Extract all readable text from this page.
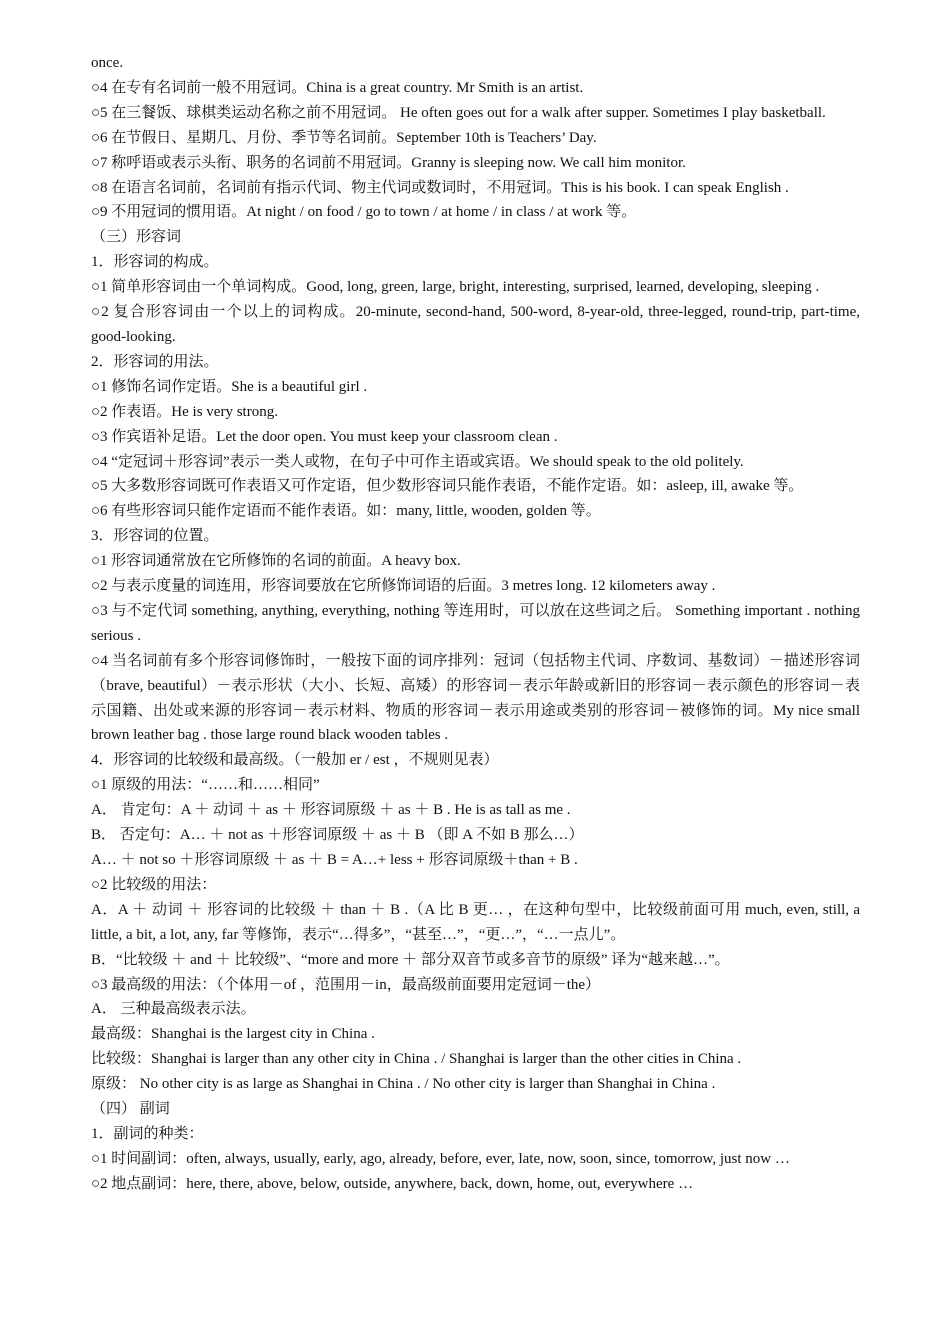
once.
○4 在专有名词前一般不用冠词。China is a great country. Mr Smith is an artist.
○5 在三餐饭、球棋类运动名称之前不用冠词。 He often goes out for a walk after supper. Sometimes I play basketball.
○6 在节假日、星期几、月份、季节等名词前。September 10th is Teachers’ Day.
○7 称呼语或表示头衔、职务的名词前不用冠词。Granny is sleeping now. We call him monitor.
○8 在语言名词前，名词前有指示代词、物主代词或数词时，不用冠词。This is his book. I can speak English .
○9 不用冠词的惯用语。At night / on food / go to town / at home / in class / at work 等。
（三）形容词
1．形容词的构成。
○1 简单形容词由一个单词构成。Good, long, green, large, bright, interesting, surprised, learned, developing, sleeping .
○2 复合形容词由一个以上的词构成。20-minute, second-hand, 500-word, 8-year-old, three-legged, round-trip, part-time, good-looking.
2．形容词的用法。
○1 修饰名词作定语。She is a beautiful girl .
○2 作表语。He is very strong.
○3 作宾语补足语。Let the door open. You must keep your classroom clean .
○4 “定冠词＋形容词”表示一类人或物，在句子中可作主语或宾语。We should speak to the old politely.
○5 大多数形容词既可作表语又可作定语，但少数形容词只能作表语，不能作定语。如：asleep, ill, awake 等。
○6 有些形容词只能作定语而不能作表语。如：many, little, wooden, golden 等。
3．形容词的位置。
○1 形容词通常放在它所修饰的名词的前面。A heavy box.
○2 与表示度量的词连用，形容词要放在它所修饰词语的后面。3 metres long. 12 kilometers away .
○3 与不定代词 something, anything, everything, nothing 等连用时，可以放在这些词之后。 Something important . nothing serious .
○4 当名词前有多个形容词修饰时，一般按下面的词序排列：冠词（包括物主代词、序数词、基数词）－描述形容词（brave, beautiful）－表示形状（大小、长短、高矮）的形容词－表示年龄或新旧的形容词－表示颜色的形容词－表示国籍、出处或来源的形容词－表示材料、物质的形容词－表示用途或类别的形容词－被修饰的词。My nice small brown leather bag . those large round black wooden tables .
4．形容词的比较级和最高级。（一般加 er / est ，不规则见表）
○1 原级的用法：“……和……相同”
A． 肯定句：A ＋ 动词 ＋ as ＋ 形容词原级 ＋ as ＋ B . He is as tall as me .
B． 否定句：A… ＋ not as ＋形容词原级 ＋ as ＋ B （即 A 不如 B 那么…）
A… ＋ not so ＋形容词原级 ＋ as ＋ B = A…+ less + 形容词原级＋than + B .
○2 比较级的用法：
A．A ＋ 动词 ＋ 形容词的比较级 ＋ than ＋ B .（A 比 B 更… ，在这种句型中，比较级前面可用 much, even, still, a little, a bit, a lot, any, far 等修饰，表示“…得多”，“甚至…”，“更…”，“…一点儿”。
B．“比较级 ＋ and ＋ 比较级”、“more and more ＋ 部分双音节或多音节的原级” 译为“越来越…”。
○3 最高级的用法：（个体用－of ，范围用－in，最高级前面要用定冠词－the）
A． 三种最高级表示法。
最高级：Shanghai is the largest city in China .
比较级：Shanghai is larger than any other city in China . / Shanghai is larger than the other cities in China .
原级： No other city is as large as Shanghai in China . / No other city is larger than Shanghai in China .
（四） 副词
1．副词的种类：
○1 时间副词：often, always, usually, early, ago, already, before, ever, late, now, soon, since, tomorrow, just now …
○2 地点副词：here, there, above, below, outside, anywhere, back, down, home, out, everywhere …
